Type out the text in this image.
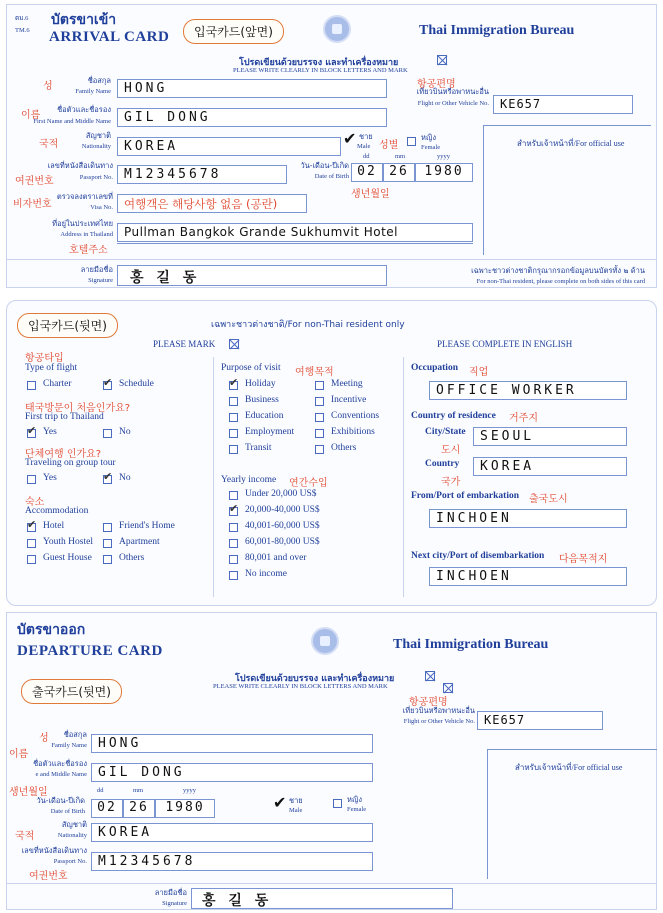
ตม.6
TM.6
บัตรขาเข้า
ARRIVAL CARD	입국카드(앞면)	Thai Immigration Bureau
โปรดเขียนด้วยบรรจง และทำเครื่องหมาย
PLEASE WRITE CLEARLY IN BLOCK LETTERS AND MARK
성
ชื่อสกุล
Family Name	HONG	항공편명
เที่ยวบินหรือพาหนะอื่น
Flight or Other Vehicle No. KE657
이름
ชื่อตัวและชื่อรอง
First Name and Middle Name	GIL DONG
국적
สัญชาติ
Nationality	KOREA	✔ ชาย
Male 성별
หญิง
Female	สำหรับเจ้าหน้าที่/For official use
เลขที่หนังสือเดินทาง
여권번호	Passport No. M12345678
dd	mm	yyyy
วัน-เดือน-ปีเกิด
Date of Birth 02 26	1980
생년월일
비자번호
ตรวจลงตราเลขที่
Visa No. 여행객은 해당사항 없음 (공란)
ที่อยู่ในประเทศไทย
Address in Thailand Pullman Bangkok Grande Sukhumvit Hotel
호텔주소
ลายมือชื่อ
Signature 홍 길 동	เฉพาะชาวต่างชาติกรุณากรอกข้อมูลบนบัตรทั้ง ๒ ด้าน
For non-Thai resident, please complete on both sides of this card
입국카드(뒷면)	เฉพาะชาวต่างชาติ/For non-Thai resident only
PLEASE MARK	PLEASE COMPLETE IN ENGLISH
항공타입
Type of flight
Charter ✔	Schedule
태국방문이 처음인가요?
First trip to Thailand
✔
Yes	No
단체여행 인가요?
Traveling on group tour
Yes ✔	No
숙소
Accommodation
✔
Hotel	Friend's Home
Youth Hostel	Apartment
Guest House	Others
Purpose of visit 여행목적
✔
Holiday	Meeting
Business	Incentive
Education	Conventions
Employment	Exhibitions
Transit	Others
Yearly income 연간수입
Under 20,000 US$
✔
20,000-40,000 US$
40,001-60,000 US$
60,001-80,000 US$
80,001 and over
No income
Occupation 직업
OFFICE WORKER
Country of residence 거주지
City/State	SEOUL
도시
Country	KOREA
국가
From/Port of embarkation 출국도시
INCHOEN
Next city/Port of disembarkation 다음목적지
INCHOEN
บัตรขาออก
DEPARTURE CARD	Thai Immigration Bureau
출국카드(뒷면)
โปรดเขียนด้วยบรรจง และทำเครื่องหมาย
PLEASE WRITE CLEARLY IN BLOCK LETTERS AND MARK
항공편명
เที่ยวบินหรือพาหนะอื่น
Flight or Other Vehicle No. KE657
성	ชื่อสกุล
Family Name HONG
이름
ชื่อตัวและชื่อรอง
e and Middle Name GIL DONG	สำหรับเจ้าหน้าที่/For official use
생년월일	dd	mm	yyyy
วัน-เดือน-ปีเกิด
Date of Birth 02 26	1980	✔ ชาย
Male
หญิง
Female
국적
สัญชาติ
Nationality KOREA
เลขที่หนังสือเดินทาง
Passport No.
여권번호
M12345678
ลายมือชื่อ
Signature 홍 길 동
